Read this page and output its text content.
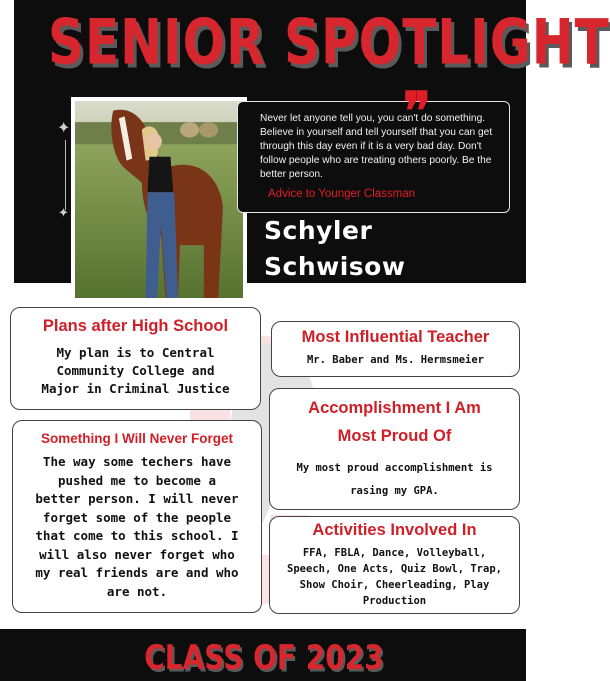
SENIOR SPOTLIGHT
✦
✦
❞
Never let anyone tell you, you can't do something. Believe in yourself and tell yourself that you can get through this day even if it is a very bad day. Don't follow people who are treating others poorly. Be the better person.
Advice to Younger Classman
Schyler
Schwisow
Plans after High School
My plan is to Central
Community College and
Major in Criminal Justice
Something I Will Never Forget
The way some techers have
pushed me to become a
better person. I will never
forget some of the people
that come to this school. I
will also never forget who
my real friends are and who
are not.
Most Influential Teacher
Mr. Baber and Ms. Hermsmeier
Accomplishment I Am
Most Proud Of
My most proud accomplishment is
rasing my GPA.
Activities Involved In
FFA, FBLA, Dance, Volleyball,
Speech, One Acts, Quiz Bowl, Trap,
Show Choir, Cheerleading, Play
Production
CLASS OF 2023
